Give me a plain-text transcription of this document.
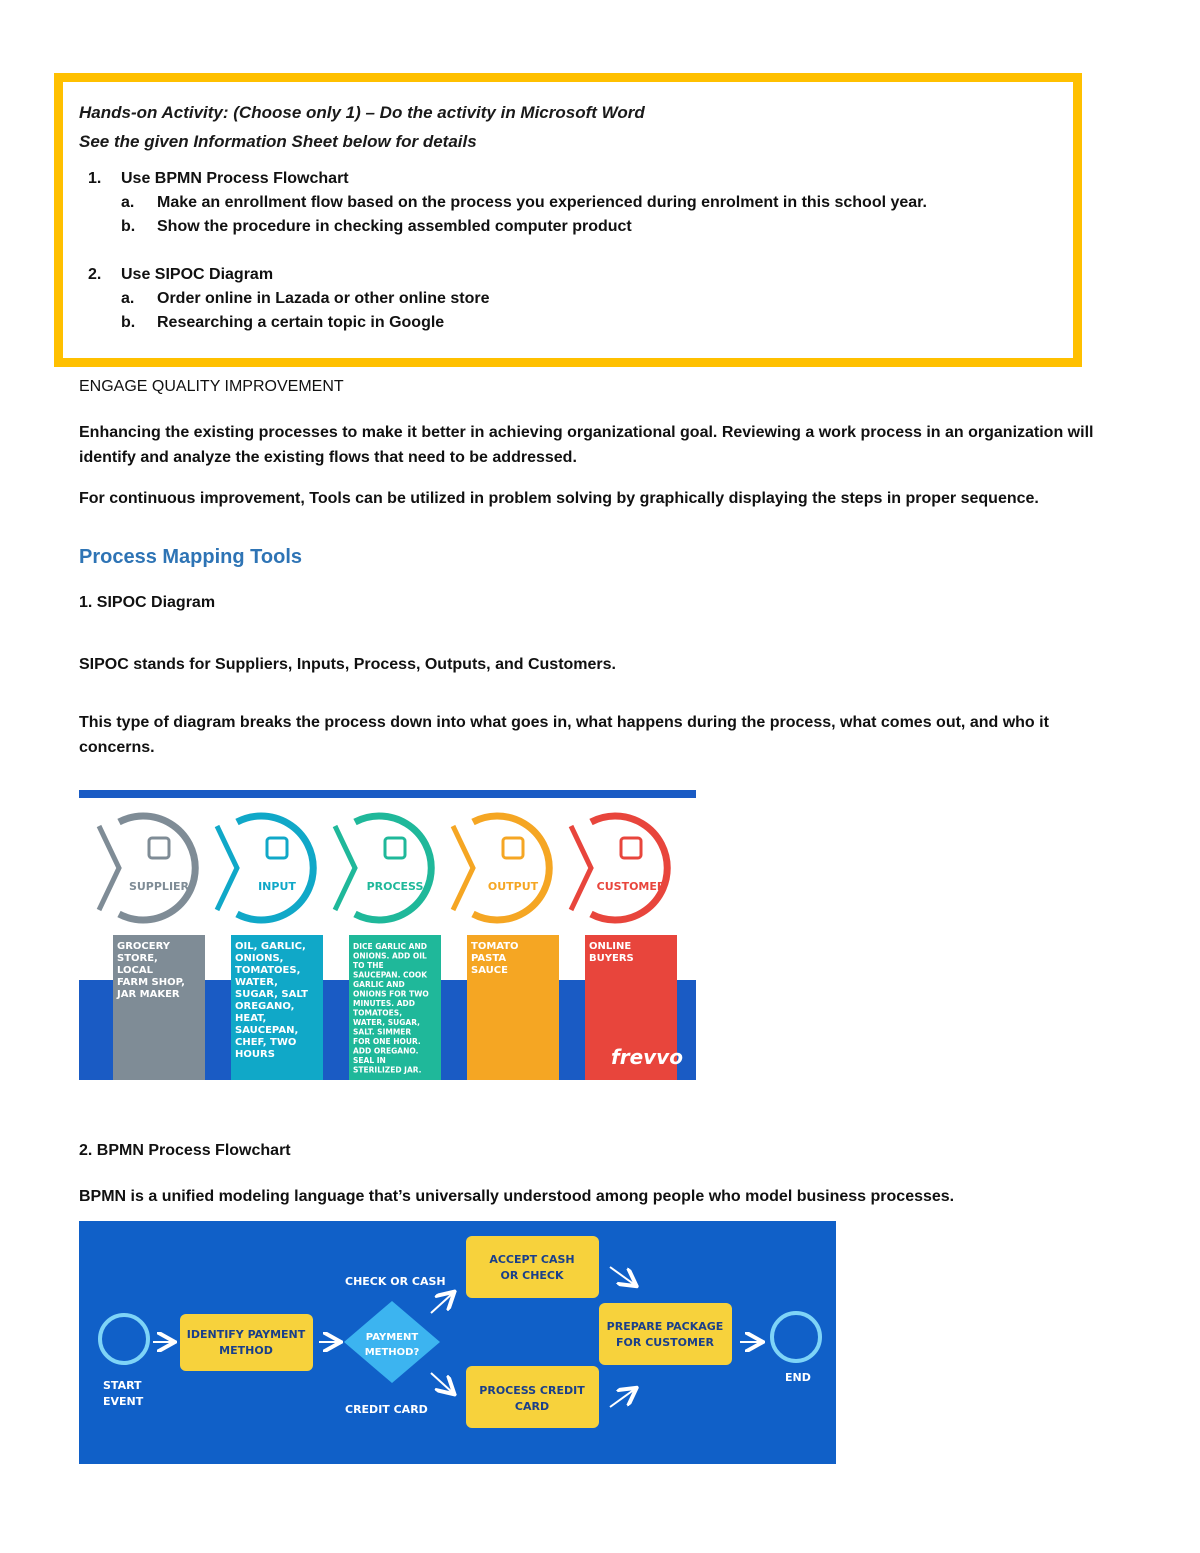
Hands-on Activity: (Choose only 1) – Do the activity in Microsoft Word
See the given Information Sheet below for details
1. Use BPMN Process Flowchart
a. Make an enrollment flow based on the process you experienced during enrolment in this school year.
b. Show the procedure in checking assembled computer product
2. Use SIPOC Diagram
a. Order online in Lazada or other online store
b. Researching a certain topic in Google
ENGAGE QUALITY IMPROVEMENT
Enhancing the existing processes to make it better in achieving organizational goal. Reviewing a work process in an organization will identify and analyze the existing flows that need to be addressed.
For continuous improvement, Tools can be utilized in problem solving by graphically displaying the steps in proper sequence.
Process Mapping Tools
1. SIPOC Diagram
SIPOC stands for Suppliers, Inputs, Process, Outputs, and Customers.
This type of diagram breaks the process down into what goes in, what happens during the process, what comes out, and who it concerns.
SUPPLIER
GROCERY
STORE,
LOCAL
FARM SHOP,
JAR MAKER
INPUT
OIL, GARLIC,
ONIONS,
TOMATOES,
WATER,
SUGAR, SALT
OREGANO,
HEAT,
SAUCEPAN,
CHEF, TWO
HOURS
PROCESS
DICE GARLIC AND
ONIONS. ADD OIL
TO THE
SAUCEPAN. COOK
GARLIC AND
ONIONS FOR TWO
MINUTES. ADD
TOMATOES,
WATER, SUGAR,
SALT. SIMMER
FOR ONE HOUR.
ADD OREGANO.
SEAL IN
STERILIZED JAR.
OUTPUT
TOMATO
PASTA
SAUCE
CUSTOMER
ONLINE
BUYERS
frevvo
2. BPMN Process Flowchart
BPMN is a unified modeling language that’s universally understood among people who model business processes.
START
EVENT
IDENTIFY PAYMENT
METHOD
PAYMENT
METHOD?
CHECK OR CASH
CREDIT CARD
ACCEPT CASH
OR CHECK
PROCESS CREDIT
CARD
PREPARE PACKAGE
FOR CUSTOMER
END
